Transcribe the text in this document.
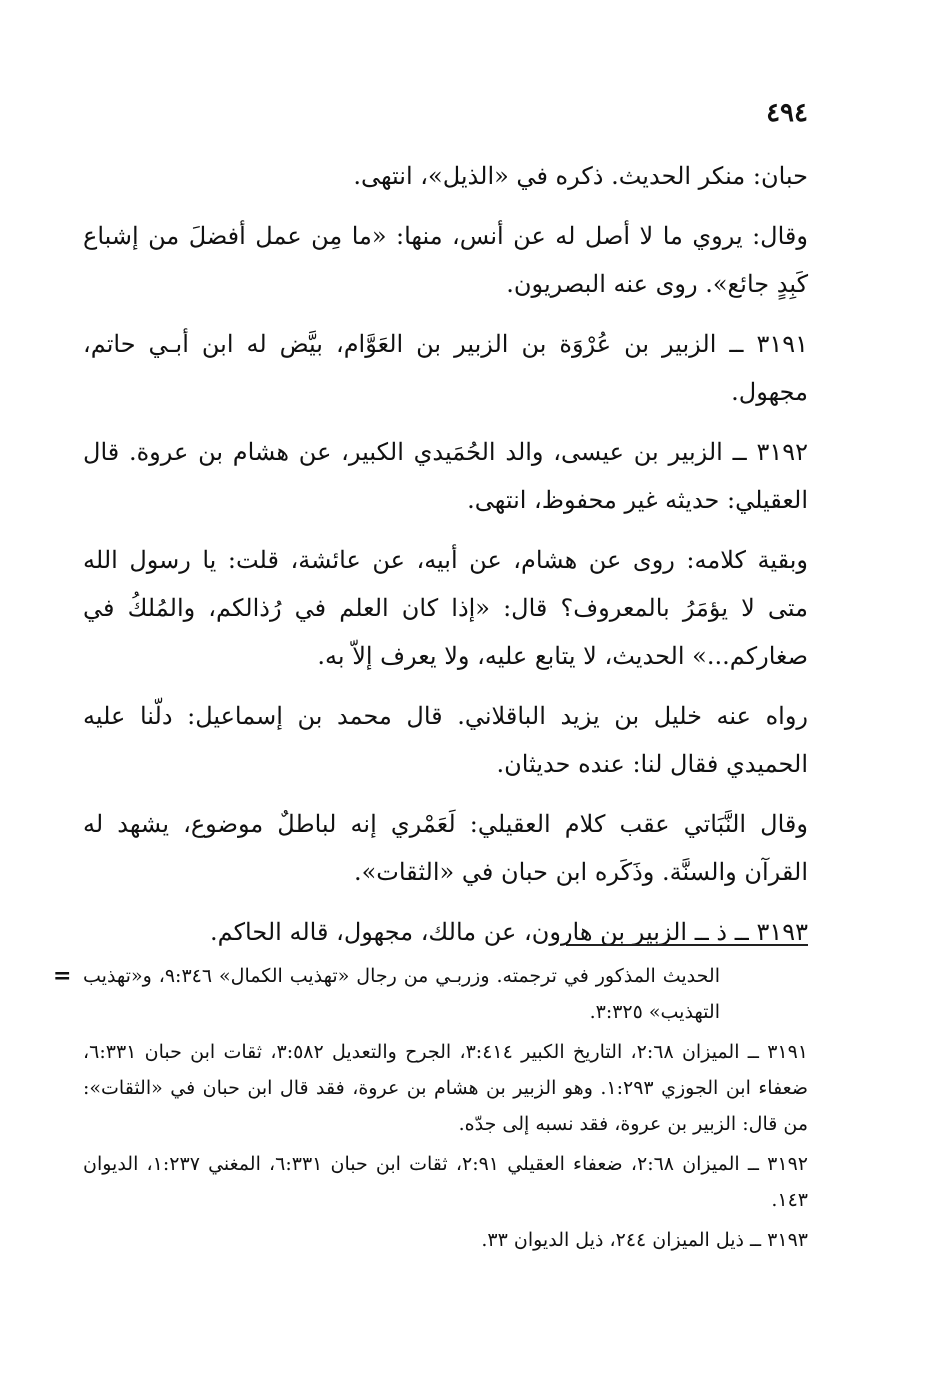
٤٩٤

حبان: منكر الحديث. ذكره في «الذيل»، انتهى.

وقال: يروي ما لا أصل له عن أنس، منها: «ما مِن عمل أفضلَ من إشباع كَبِدٍ جائع». روى عنه البصريون.

٣١٩١ ــ الزبير بن عُرْوَة بن الزبير بن العَوَّام، بيَّض له ابن أبـي حاتم، مجهول.

٣١٩٢ ــ الزبير بن عيسى، والد الحُمَيدي الكبير، عن هشام بن عروة. قال العقيلي: حديثه غير محفوظ، انتهى.

وبقية كلامه: روى عن هشام، عن أبيه، عن عائشة، قلت: يا رسول الله متى لا يؤمَرُ بالمعروف؟ قال: «إذا كان العلم في رُذالكم، والمُلكُ في صغاركم...» الحديث، لا يتابع عليه، ولا يعرف إلاّ به.

رواه عنه خليل بن يزيد الباقلاني. قال محمد بن إسماعيل: دلّنا عليه الحميدي فقال لنا: عنده حديثان.

وقال النَّبَاتي عقب كلام العقيلي: لَعَمْري إنه لباطلٌ موضوع، يشهد له القرآن والسنَّة. وذَكَره ابن حبان في «الثقات».

٣١٩٣ ــ ذ ــ الزبير بن هارون، عن مالك، مجهول، قاله الحاكم.

= الحديث المذكور في ترجمته. وزربـي من رجال «تهذيب الكمال» ٩:٣٤٦، و«تهذيب التهذيب» ٣:٣٢٥.
٣١٩١ ــ الميزان ٢:٦٨، التاريخ الكبير ٣:٤١٤، الجرح والتعديل ٣:٥٨٢، ثقات ابن حبان ٦:٣٣١، ضعفاء ابن الجوزي ١:٢٩٣. وهو الزبير بن هشام بن عروة، فقد قال ابن حبان في «الثقات»: من قال: الزبير بن عروة، فقد نسبه إلى جدّه.
٣١٩٢ ــ الميزان ٢:٦٨، ضعفاء العقيلي ٢:٩١، ثقات ابن حبان ٦:٣٣١، المغني ١:٢٣٧، الديوان ١٤٣.
٣١٩٣ ــ ذيل الميزان ٢٤٤، ذيل الديوان ٣٣.
